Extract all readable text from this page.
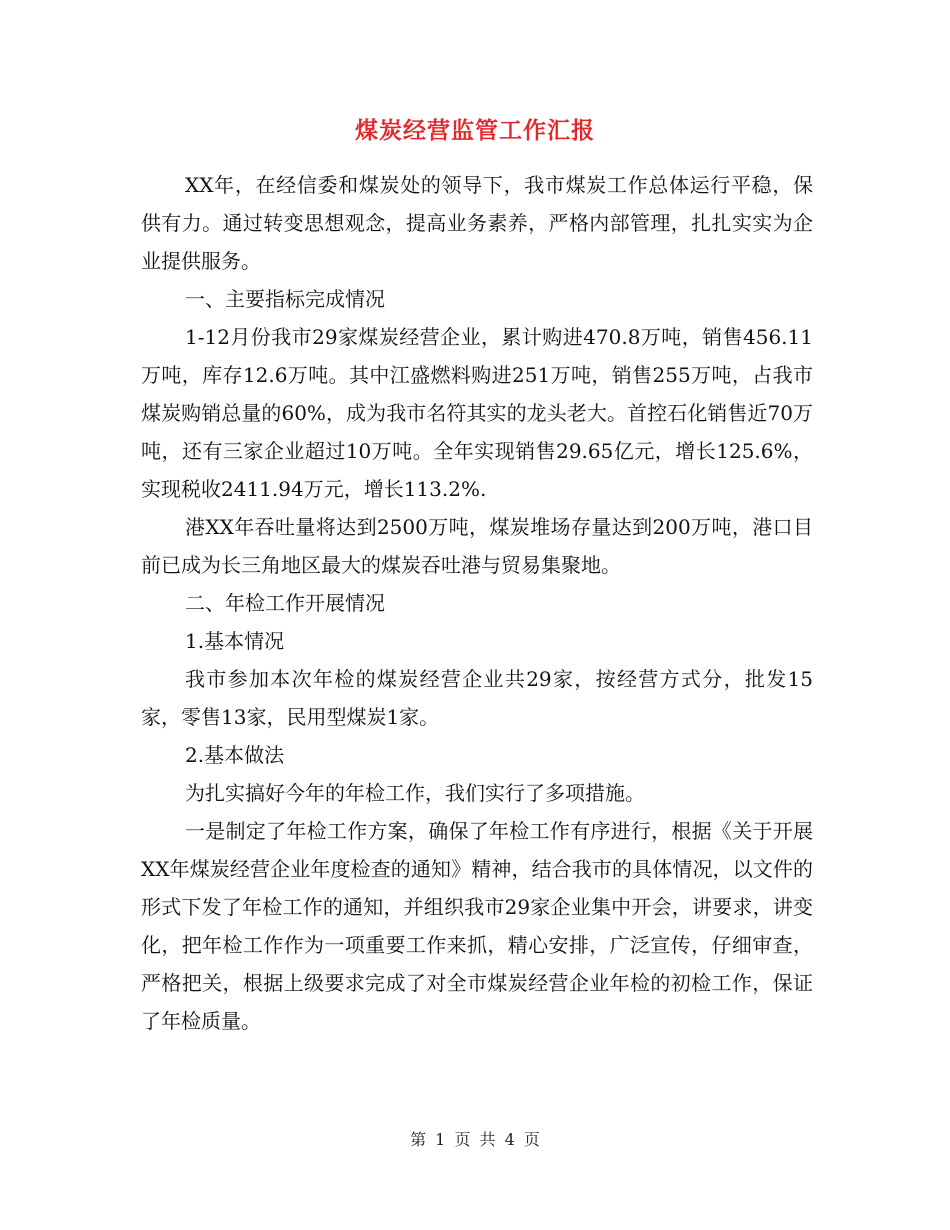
煤炭经营监管工作汇报

XX年，在经信委和煤炭处的领导下，我市煤炭工作总体运行平稳，保供有力。通过转变思想观念，提高业务素养，严格内部管理，扎扎实实为企业提供服务。

一、主要指标完成情况

1-12月份我市29家煤炭经营企业，累计购进470.8万吨，销售456.11万吨，库存12.6万吨。其中江盛燃料购进251万吨，销售255万吨，占我市煤炭购销总量的60%，成为我市名符其实的龙头老大。首控石化销售近70万吨，还有三家企业超过10万吨。全年实现销售29.65亿元，增长125.6%，实现税收2411.94万元，增长113.2%.

港XX年吞吐量将达到2500万吨，煤炭堆场存量达到200万吨，港口目前已成为长三角地区最大的煤炭吞吐港与贸易集聚地。

二、年检工作开展情况

1.基本情况

我市参加本次年检的煤炭经营企业共29家，按经营方式分，批发15家，零售13家，民用型煤炭1家。

2.基本做法

为扎实搞好今年的年检工作，我们实行了多项措施。

一是制定了年检工作方案，确保了年检工作有序进行，根据《关于开展XX年煤炭经营企业年度检查的通知》精神，结合我市的具体情况，以文件的形式下发了年检工作的通知，并组织我市29家企业集中开会，讲要求，讲变化，把年检工作作为一项重要工作来抓，精心安排，广泛宣传，仔细审查，严格把关，根据上级要求完成了对全市煤炭经营企业年检的初检工作，保证了年检质量。

第 1 页 共 4 页
